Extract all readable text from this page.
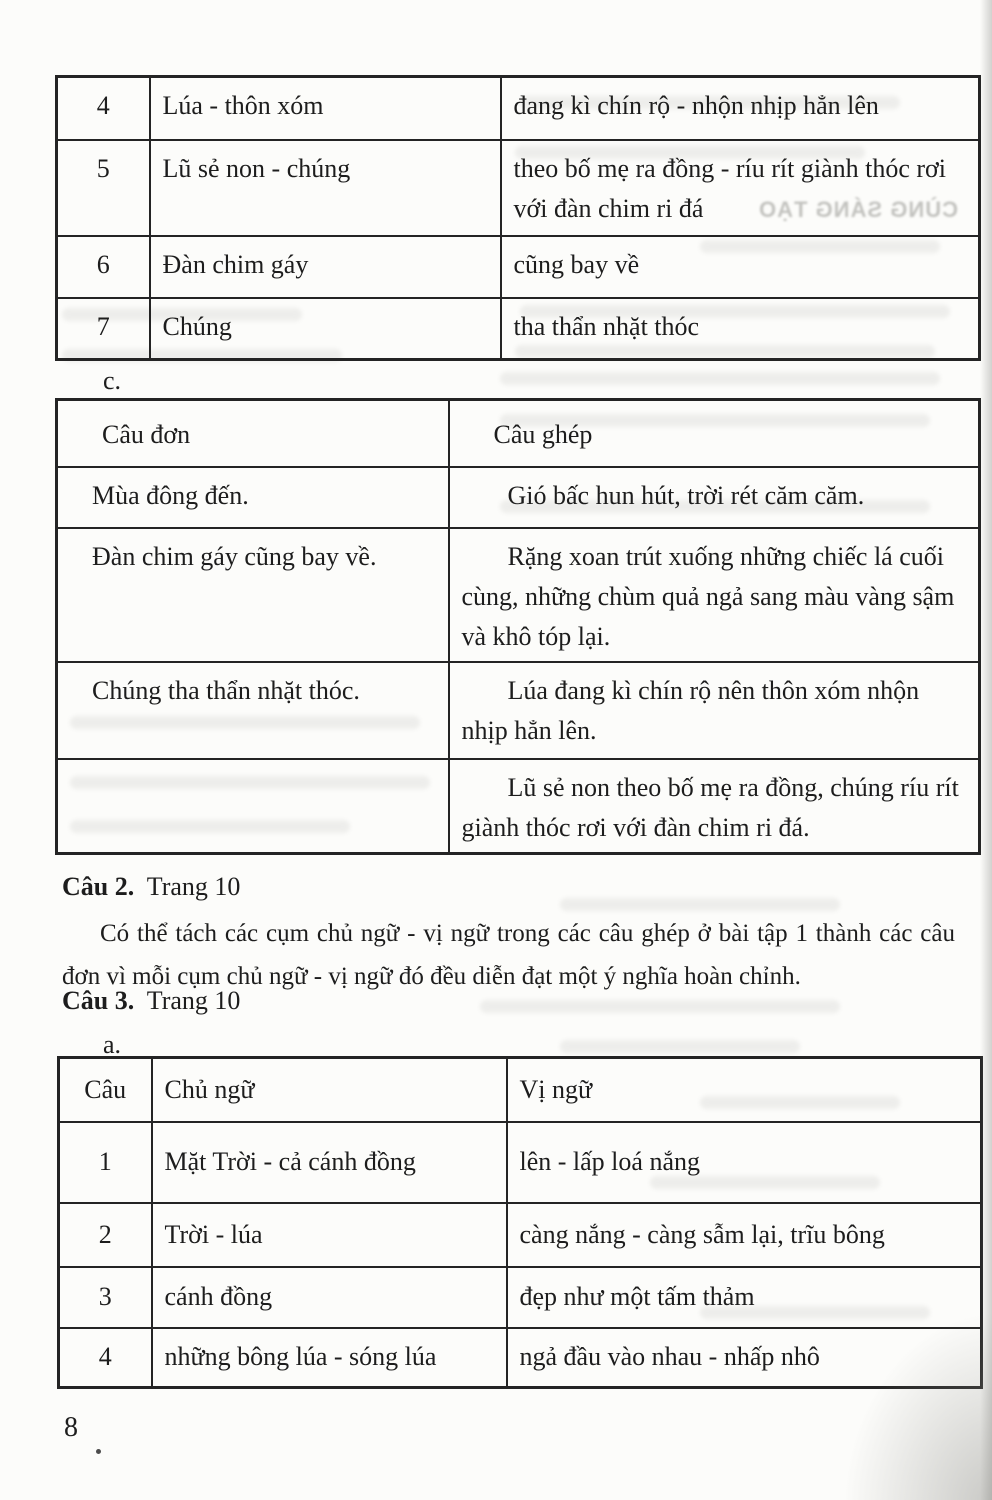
CÙNG SÁNG TẠO
4	Lúa - thôn xóm	đang kì chín rộ - nhộn nhịp hẳn lên
5	Lũ sẻ non - chúng	theo bố mẹ ra đồng - ríu rít giành thóc rơi với đàn chim ri đá
6	Đàn chim gáy	cũng bay về
7	Chúng	tha thẩn nhặt thóc
c.
Câu đơn	Câu ghép
Mùa đông đến.	Gió bấc hun hút, trời rét căm căm.
Đàn chim gáy cũng bay về.	Rặng xoan trút xuống những chiếc lá cuối cùng, những chùm quả ngả sang màu vàng sậm và khô tóp lại.
Chúng tha thẩn nhặt thóc.	Lúa đang kì chín rộ nên thôn xóm nhộn nhịp hẳn lên.
	Lũ sẻ non theo bố mẹ ra đồng, chúng ríu rít giành thóc rơi với đàn chim ri đá.
Câu 2. Trang 10
Có thể tách các cụm chủ ngữ - vị ngữ trong các câu ghép ở bài tập 1 thành các câu đơn vì mỗi cụm chủ ngữ - vị ngữ đó đều diễn đạt một ý nghĩa hoàn chỉnh.
Câu 3. Trang 10
a.
Câu	Chủ ngữ	Vị ngữ
1	Mặt Trời - cả cánh đồng	lên - lấp loá nắng
2	Trời - lúa	càng nắng - càng sẫm lại, trĩu bông
3	cánh đồng	đẹp như một tấm thảm
4	những bông lúa - sóng lúa	ngả đầu vào nhau - nhấp nhô
8
